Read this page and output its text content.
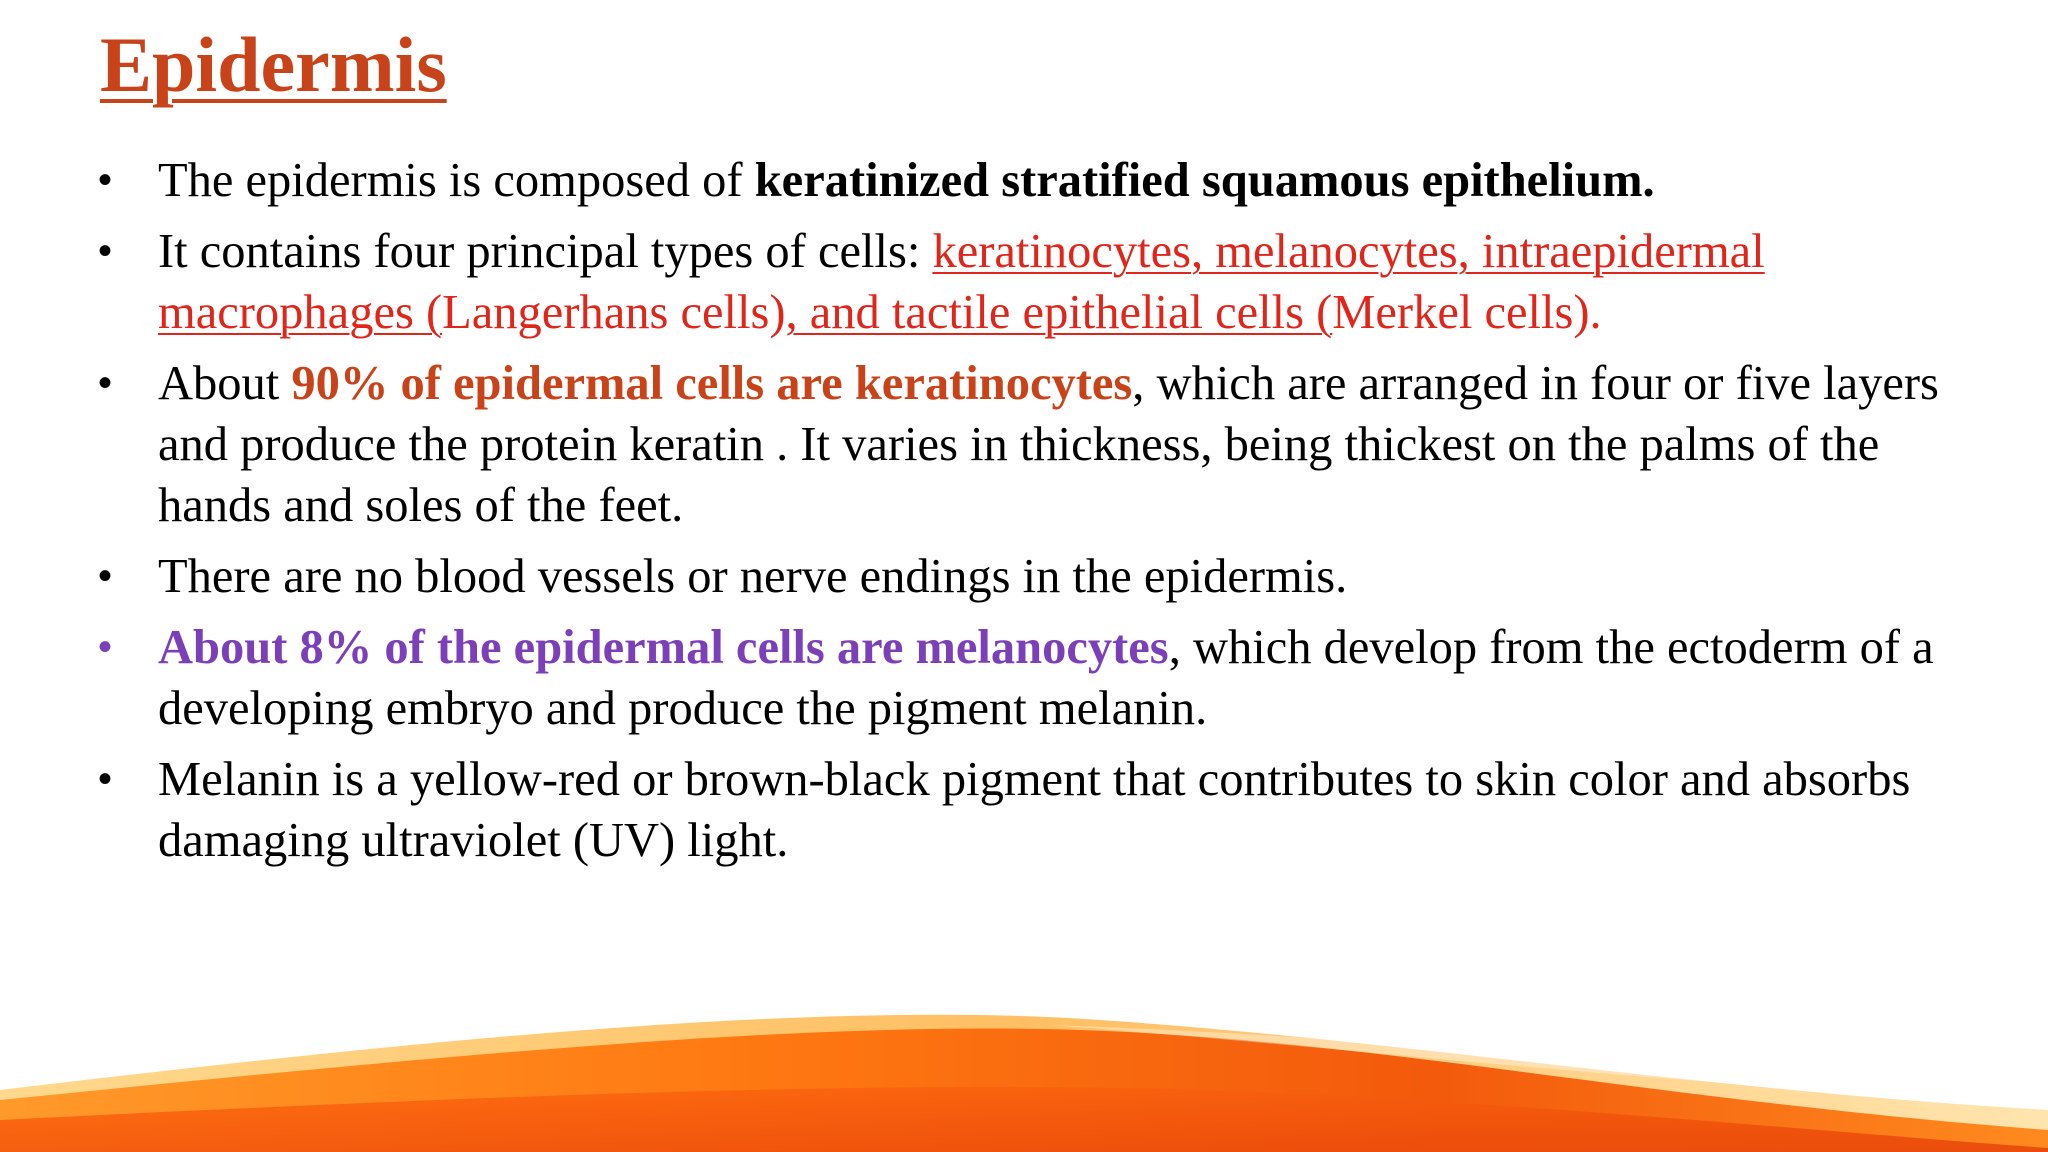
Epidermis
• The epidermis is composed of keratinized stratified squamous epithelium.
• It contains four principal types of cells: keratinocytes, melanocytes, intraepidermal macrophages (Langerhans cells), and tactile epithelial cells (Merkel cells).
• About 90% of epidermal cells are keratinocytes, which are arranged in four or five layers and produce the protein keratin . It varies in thickness, being thickest on the palms of the hands and soles of the feet.
• There are no blood vessels or nerve endings in the epidermis.
• About 8% of the epidermal cells are melanocytes, which develop from the ectoderm of a developing embryo and produce the pigment melanin.
• Melanin is a yellow-red or brown-black pigment that contributes to skin color and absorbs damaging ultraviolet (UV) light.
